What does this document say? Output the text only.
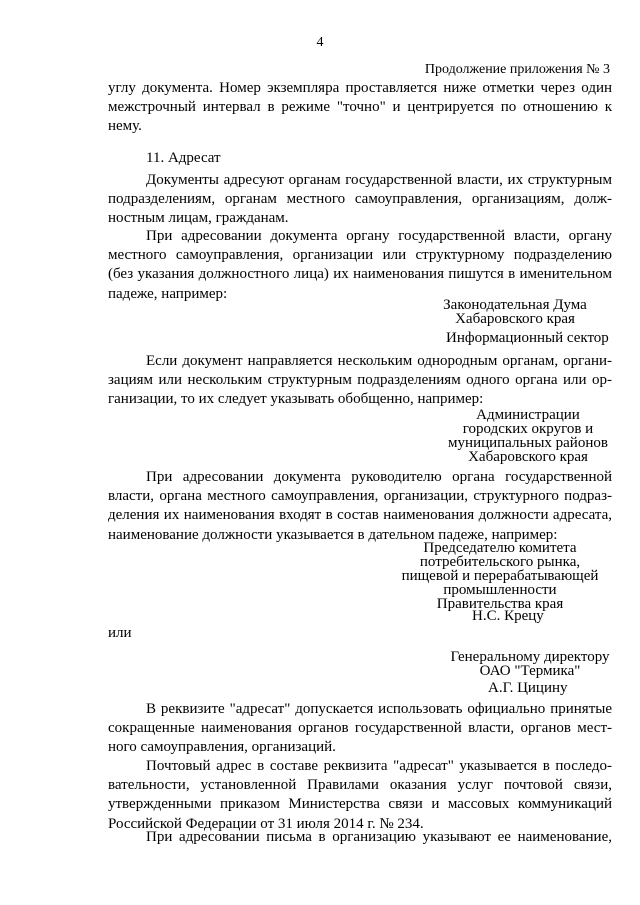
4
Продолжение приложения № 3
углу документа. Номер экземпляра проставляется ниже отметки через один
межстрочный интервал в режиме "точно" и центрируется по отношению к
нему.
11. Адресат
Документы адресуют органам государственной власти, их структурным
подразделениям, органам местного самоуправления, организациям, долж-
ностным лицам, гражданам.
При адресовании документа органу государственной власти, органу
местного самоуправления, организации или структурному подразделению
(без указания должностного лица) их наименования пишутся в именительном
падеже, например:
Законодательная Дума
Хабаровского края
Информационный сектор
Если документ направляется нескольким однородным органам, органи-
зациям или нескольким структурным подразделениям одного органа или ор-
ганизации, то их следует указывать обобщенно, например:
Администрации
городских округов и
муниципальных районов
Хабаровского края
При адресовании документа руководителю органа государственной
власти, органа местного самоуправления, организации, структурного подраз-
деления их наименования входят в состав наименования должности адресата,
наименование должности указывается в дательном падеже, например:
Председателю комитета
потребительского рынка,
пищевой и перерабатывающей
промышленности
Правительства края
Н.С. Крецу
или
Генеральному директору
ОАО "Термика"
А.Г. Цицину
В реквизите "адресат" допускается использовать официально принятые
сокращенные наименования органов государственной власти, органов мест-
ного самоуправления, организаций.
Почтовый адрес в составе реквизита "адресат" указывается в последо-
вательности, установленной Правилами оказания услуг почтовой связи,
утвержденными приказом Министерства связи и массовых коммуникаций
Российской Федерации от 31 июля 2014 г. № 234.
При адресовании письма в организацию указывают ее наименование,
